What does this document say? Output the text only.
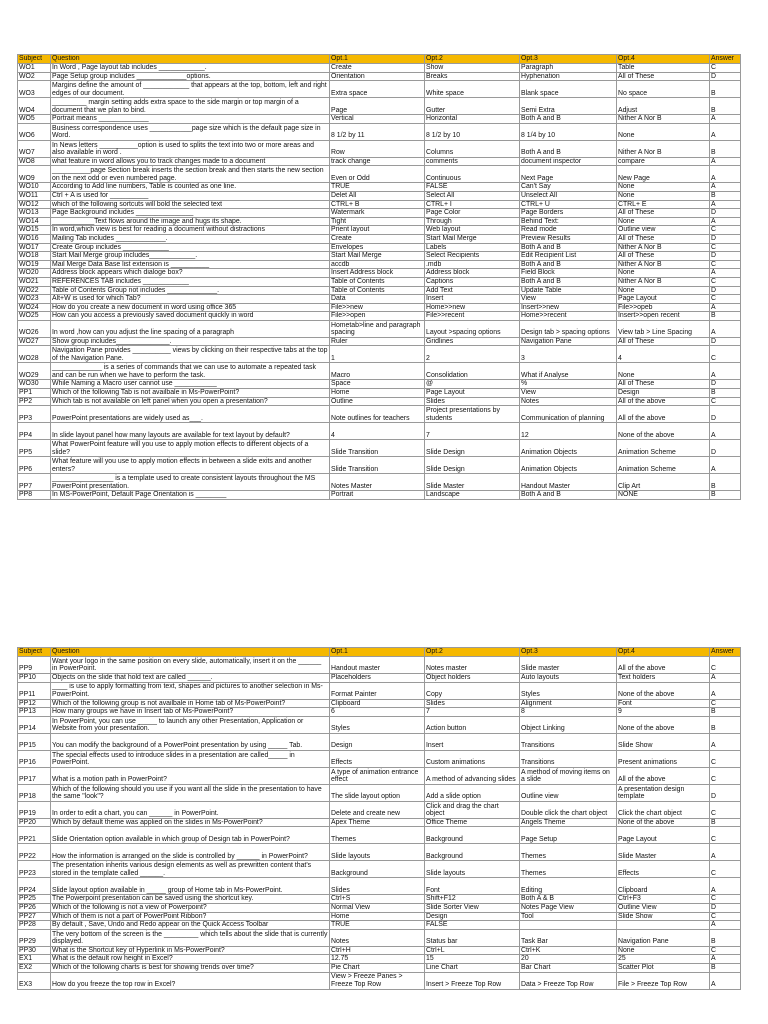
Subject	Question	Opt.1	Opt.2	Opt.3	Opt.4	Answer
WO1	In Word , Page layout tab includes ____________.	Create	Show	Paragraph	Table	C
WO2	Page Setup group includes _____________options.	Orientation	Breaks	Hyphenation	All of These	D
WO3	Margins define the amount of ____________ that appears at the top, bottom, left and right edges of our document.	Extra space	White space	Blank space	No space	B
WO4	_________ margin setting adds extra space to the side margin or top margin of a document that we plan to bind.	Page	Gutter	Semi Extra	Adjust	B
WO5	Portrait means _____________	Vertical	Horizontal	Both A and B	Nither A Nor B	A
WO6	Business correspondence uses ___________page size which is the default page size in Word.	8 1/2 by 11	8 1/2 by 10	8 1/4 by 10	None	A
WO7	In News letters __________option is used to splits the text into two or more areas and also available in word .	Row	Columns	Both A and B	Nither A Nor B	B
WO8	what feature in word allows you to track changes made to a document	track change	comments	document inspector	compare	A
WO9	__________page Section break inserts the section break and then starts the new section on the next odd or even numbered page.	Even or Odd	Continuous	Next Page	New Page	A
WO10	According to Add line numbers, Table is counted as one line.	TRUE	FALSE	Can't Say	None	A
WO11	Ctrl + A is used for __________	Delet All	Select All	Unselect All	None	B
WO12	which of the following sortcuts will bold the selected text	CTRL+ B	CTRL+ I	CTRL+ U	CTRL+ E	A
WO13	Page Background includes _______________	Watermark	Page Color	Page Borders	All of These	D
WO14	___________Text flows around the image and hugs its shape.	Tight	Through	Behind Text:	None	A
WO15	In word,which view is best for reading a document without distractions	Prient layout	Web layout	Read mode	Outline view	C
WO16	Mailing Tab includes _____________.	Create	Start Mail Merge	Preview Results	All of These	D
WO17	Create Group includes ____________	Envelopes	Labels	Both A and B	Nither A Nor B	C
WO18	Start Mail Merge group includes____________.	Start Mail Merge	Select Recipients	Edit Recipient List	All of These	D
WO19	Mail Merge Data Base list extension is __________	accdb	.mdb	Both A and B	Nither A Nor B	C
WO20	Address block appears which dialoge box?	Insert Address block	Address block	Field Block	None	A
WO21	REFERENCES TAB includes ____________	Table of Contents	Captions	Both A and B	Nither A Nor B	C
WO22	Table of Contents Group not includes _____________.	Table of Contents	Add Text	Update Table	None	D
WO23	Alt+W is used for which Tab?	Data	Insert	View	Page Layout	C
WO24	How do you create a new document in word using office 365	File>>new	Home>>new	Insert>>new	File>>opeb	A
WO25	How can you access a previously saved document quickly in word	File>>open	File>>recent	Home>>recent	Insert>>open recent	B
WO26	In word ,how can you adjust the line spacing of a paragraph	Hometab>line and paragraph spacing	Layout >spacing options	Design tab > spacing options	View tab > Line Spacing	A
WO27	Show group includes______________.	Ruler	Gridlines	Navigation Pane	All of These	D
WO28	Navigation Pane provides __________ views by clicking on their respective tabs at the top of the Navigation Pane.	1	2	3	4	C
WO29	_____________ is a series of commands that we can use to automate a repeated task and can be run when we have to perform the task.	Macro	Consolidation	What if Analyse	None	A
WO30	While Naming a Macro user cannot use ___________	Space	@	%	All of These	D
PP1	Which of the following Tab is not availbale in Ms-PowerPoint?	Home	Page Layout	View	Design	B
PP2	Which tab is not available on left panel when you open a presentation?	Outline	Slides	Notes	All of the above	C
PP3	PowerPoint presentations are widely used as___.	Note outlines for teachers	Project presentations by students	Communication of planning	All of the above	D
PP4	In slide layout panel how many layouts are available for text layout by default?	4	7	12	None of the above	A
PP5	What PowerPoint feature will you use to apply motion effects to different objects of a slide?	Slide Transition	Slide Design	Animation Objects	Animation Scheme	D
PP6	What feature will you use to apply motion effects in between a slide exits and another enters?	Slide Transition	Slide Design	Animation Objects	Animation Scheme	A
PP7	________________ is a template used to create consistent layouts throughout the MS PowerPoint presentation.	Notes Master	Slide Master	Handout Master	Clip Art	B
PP8	In MS-PowerPoint, Default Page Orientation is ________	Portrait	Landscape	Both A and B	NONE	B
Subject	Question	Opt.1	Opt.2	Opt.3	Opt.4	Answer
PP9	Want your logo in the same position on every slide, automatically, insert it on the ______ in PowerPoint.	Handout master	Notes master	Slide master	All of the above	C
PP10	Objects on the slide that hold text are called ______.	Placeholders	Object holders	Auto layouts	Text holders	A
PP11	____ is use to apply formatting from text, shapes and pictures to another selection in Ms-PowerPoint.	Format Painter	Copy	Styles	None of the above	A
PP12	Which of the following group is not availbale in Home tab of Ms-PowerPoint?	Clipboard	Slides	Alignment	Font	C
PP13	How many groups we have in Insert tab of Ms-PowerPoint?	6	7	8	9	B
PP14	In PowerPoint, you can use _____ to launch any other Presentation, Application or Website from your presentation.	Styles	Action button	Object Linking	None of the above	B
PP15	You can modify the background of a PowerPoint presentation by using _____ Tab.	Design	Insert	Transitions	Slide Show	A
PP16	The special effects used to introduce slides in a presentation are called_____ in PowerPoint.	Effects	Custom animations	Transitions	Present animations	C
PP17	What is a motion path in PowerPoint?	A type of animation entrance effect	A method of advancing slides	A method of moving items on a slide	All of the above	C
PP18	Which of the following should you use if you want all the slide in the presentation to have the same "look"?	The slide layout option	Add a slide option	Outline view	A presentation design template	D
PP19	In order to edit a chart, you can ______ in PowerPoint.	Delete and create new	Click and drag the chart object	Double click the chart object	Click the chart object	C
PP20	Which by default theme was applied on the slides in Ms-PowerPoint?	Apex Theme	Office Theme	Angels Theme	None of the above	B
PP21	Slide Orientation option available in which group of Design tab in PowerPoint?	Themes	Background	Page Setup	Page Layout	C
PP22	How the information is arranged on the slide is controlled by ______ in PowerPoint?	Slide layouts	Background	Themes	Slide Master	A
PP23	The presentation inherits various design elements as well as prewritten content that's stored in the template called ______.	Background	Slide layouts	Themes	Effects	C
PP24	Slide layout option available in _____ group of Home tab in Ms-PowerPoint.	Slides	Font	Editing	Clipboard	A
PP25	The Powerpoint presentation can be saved using the shortcut key.	Ctrl+S	Shift+F12	Both A & B	Ctrl+F3	C
PP26	Which of the following is not a view of Powerpoint?	Normal View	Slide Sorter View	Notes Page View	Outline View	D
PP27	Which of them is not a part of PowerPoint Ribbon?	Home	Design	Tool	Slide Show	C
PP28	By default , Save, Undo and Redo appear on the Quick Access Toolbar	TRUE	FALSE			A
PP29	The very bottom of the screen is the _________ which tells about the slide that is currently displayed.	Notes	Status bar	Task Bar	Navigation Pane	B
PP30	What is the Shortcut key of Hyperlink in Ms-PowerPoint?	Ctrl+H	Ctrl+L	Ctrl+K	None	C
EX1	What is the default row height in Excel?	12.75	15	20	25	A
EX2	Which of the following charts is best for showing trends over time?	Pie Chart	Line Chart	Bar Chart	Scatter Plot	B
EX3	How do you freeze the top row in Excel?	View > Freeze Panes > Freeze Top Row	Insert > Freeze Top Row	Data > Freeze Top Row	File > Freeze Top Row	A
